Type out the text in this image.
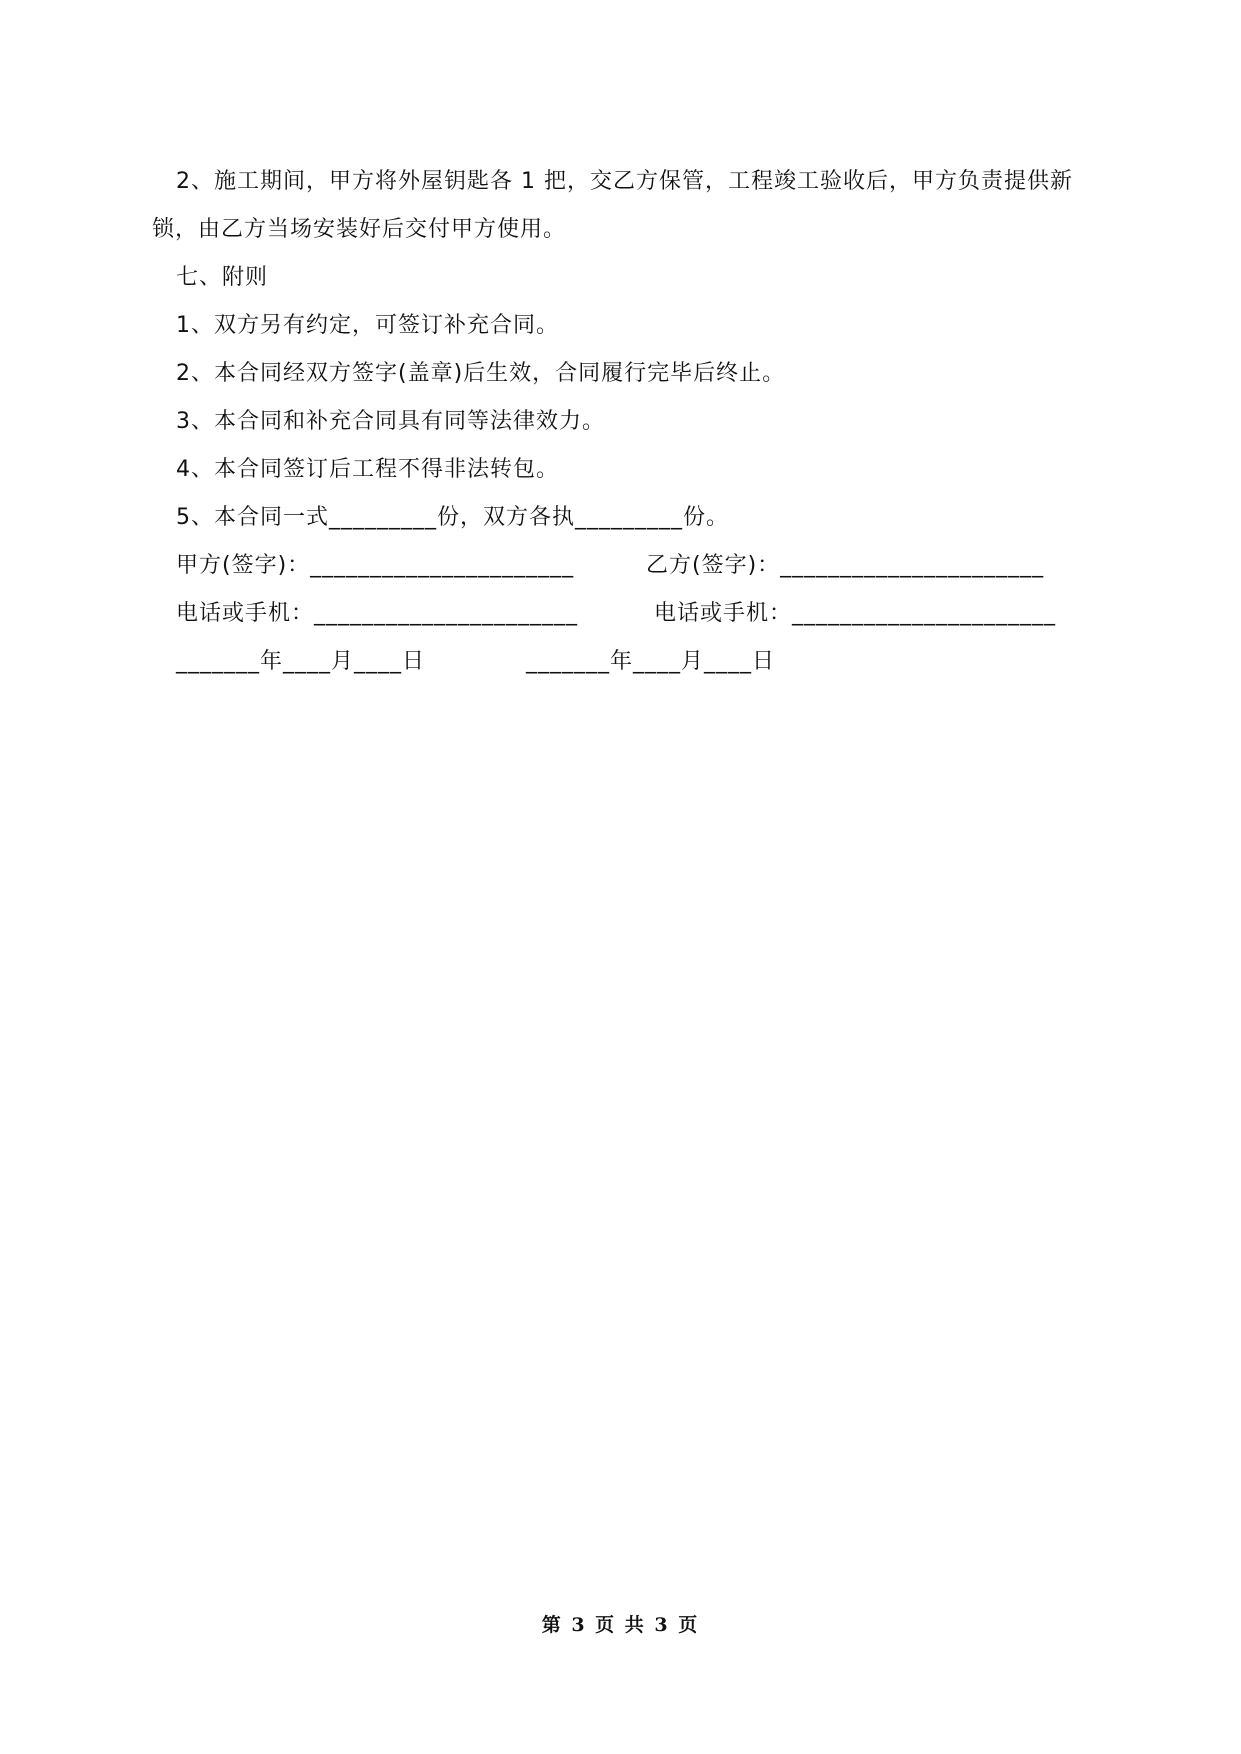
2、施工期间，甲方将外屋钥匙各 1 把，交乙方保管，工程竣工验收后，甲方负责提供新锁，由乙方当场安装好后交付甲方使用。

七、附则

1、双方另有约定，可签订补充合同。

2、本合同经双方签字(盖章)后生效，合同履行完毕后终止。

3、本合同和补充合同具有同等法律效力。

4、本合同签订后工程不得非法转包。

5、本合同一式_________份，双方各执_________份。

甲方(签字)：______________________	乙方(签字)：______________________
电话或手机：______________________	电话或手机：______________________
_______年____月____日	_______年____月____日
第 3 页 共 3 页
